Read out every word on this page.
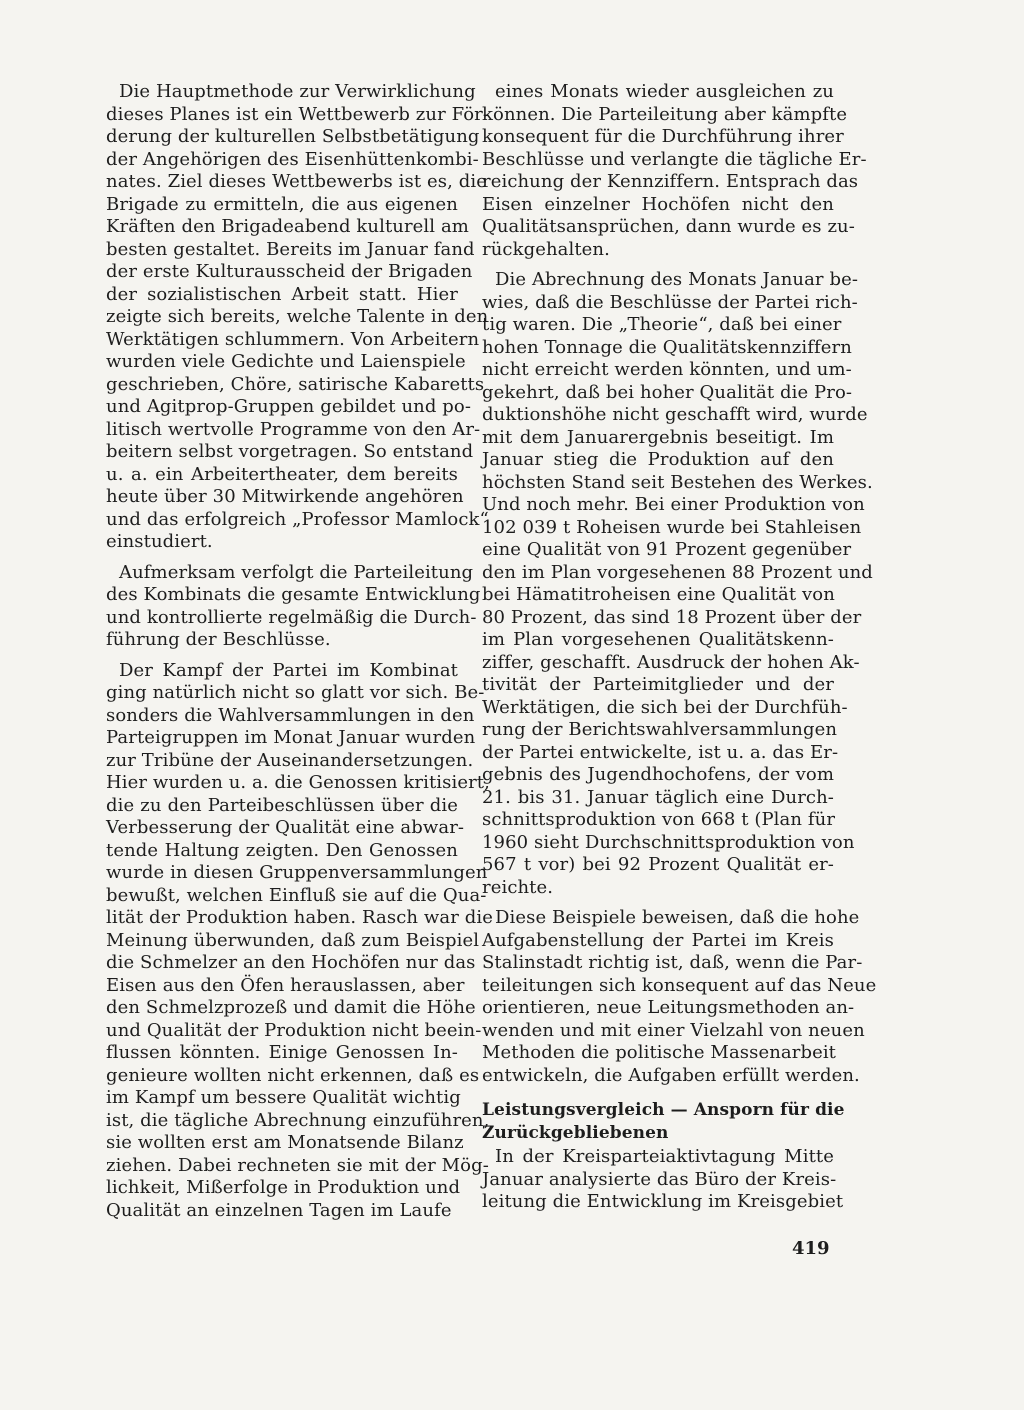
Die Hauptmethode zur Verwirklichung
dieses Planes ist ein Wettbewerb zur För-
derung der kulturellen Selbstbetätigung
der Angehörigen des Eisenhüttenkombi-
nates. Ziel dieses Wettbewerbs ist es, die
Brigade zu ermitteln, die aus eigenen
Kräften den Brigadeabend kulturell am
besten gestaltet. Bereits im Januar fand
der erste Kulturausscheid der Brigaden
der sozialistischen Arbeit statt. Hier
zeigte sich bereits, welche Talente in den
Werktätigen schlummern. Von Arbeitern
wurden viele Gedichte und Laienspiele
geschrieben, Chöre, satirische Kabaretts
und Agitprop-Gruppen gebildet und po-
litisch wertvolle Programme von den Ar-
beitern selbst vorgetragen. So entstand
u. a. ein Arbeitertheater, dem bereits
heute über 30 Mitwirkende angehören
und das erfolgreich „Professor Mamlock“
einstudiert.
Aufmerksam verfolgt die Parteileitung
des Kombinats die gesamte Entwicklung
und kontrollierte regelmäßig die Durch-
führung der Beschlüsse.
Der Kampf der Partei im Kombinat
ging natürlich nicht so glatt vor sich. Be-
sonders die Wahlversammlungen in den
Parteigruppen im Monat Januar wurden
zur Tribüne der Auseinandersetzungen.
Hier wurden u. a. die Genossen kritisiert,
die zu den Parteibeschlüssen über die
Verbesserung der Qualität eine abwar-
tende Haltung zeigten. Den Genossen
wurde in diesen Gruppenversammlungen
bewußt, welchen Einfluß sie auf die Qua-
lität der Produktion haben. Rasch war die
Meinung überwunden, daß zum Beispiel
die Schmelzer an den Hochöfen nur das
Eisen aus den Öfen herauslassen, aber
den Schmelzprozeß und damit die Höhe
und Qualität der Produktion nicht beein-
flussen könnten. Einige Genossen In-
genieure wollten nicht erkennen, daß es
im Kampf um bessere Qualität wichtig
ist, die tägliche Abrechnung einzuführen,
sie wollten erst am Monatsende Bilanz
ziehen. Dabei rechneten sie mit der Mög-
lichkeit, Mißerfolge in Produktion und
Qualität an einzelnen Tagen im Laufe
eines Monats wieder ausgleichen zu
können. Die Parteileitung aber kämpfte
konsequent für die Durchführung ihrer
Beschlüsse und verlangte die tägliche Er-
reichung der Kennziffern. Entsprach das
Eisen einzelner Hochöfen nicht den
Qualitätsansprüchen, dann wurde es zu-
rückgehalten.
Die Abrechnung des Monats Januar be-
wies, daß die Beschlüsse der Partei rich-
tig waren. Die „Theorie“, daß bei einer
hohen Tonnage die Qualitätskennziffern
nicht erreicht werden könnten, und um-
gekehrt, daß bei hoher Qualität die Pro-
duktionshöhe nicht geschafft wird, wurde
mit dem Januarergebnis beseitigt. Im
Januar stieg die Produktion auf den
höchsten Stand seit Bestehen des Werkes.
Und noch mehr. Bei einer Produktion von
102 039 t Roheisen wurde bei Stahleisen
eine Qualität von 91 Prozent gegenüber
den im Plan vorgesehenen 88 Prozent und
bei Hämatitroheisen eine Qualität von
80 Prozent, das sind 18 Prozent über der
im Plan vorgesehenen Qualitätskenn-
ziffer, geschafft. Ausdruck der hohen Ak-
tivität der Parteimitglieder und der
Werktätigen, die sich bei der Durchfüh-
rung der Berichtswahlversammlungen
der Partei entwickelte, ist u. a. das Er-
gebnis des Jugendhochofens, der vom
21. bis 31. Januar täglich eine Durch-
schnittsproduktion von 668 t (Plan für
1960 sieht Durchschnittsproduktion von
567 t vor) bei 92 Prozent Qualität er-
reichte.
Diese Beispiele beweisen, daß die hohe
Aufgabenstellung der Partei im Kreis
Stalinstadt richtig ist, daß, wenn die Par-
teileitungen sich konsequent auf das Neue
orientieren, neue Leitungsmethoden an-
wenden und mit einer Vielzahl von neuen
Methoden die politische Massenarbeit
entwickeln, die Aufgaben erfüllt werden.
Leistungsvergleich — Ansporn für die
Zurückgebliebenen
In der Kreisparteiaktivtagung Mitte
Januar analysierte das Büro der Kreis-
leitung die Entwicklung im Kreisgebiet
419
